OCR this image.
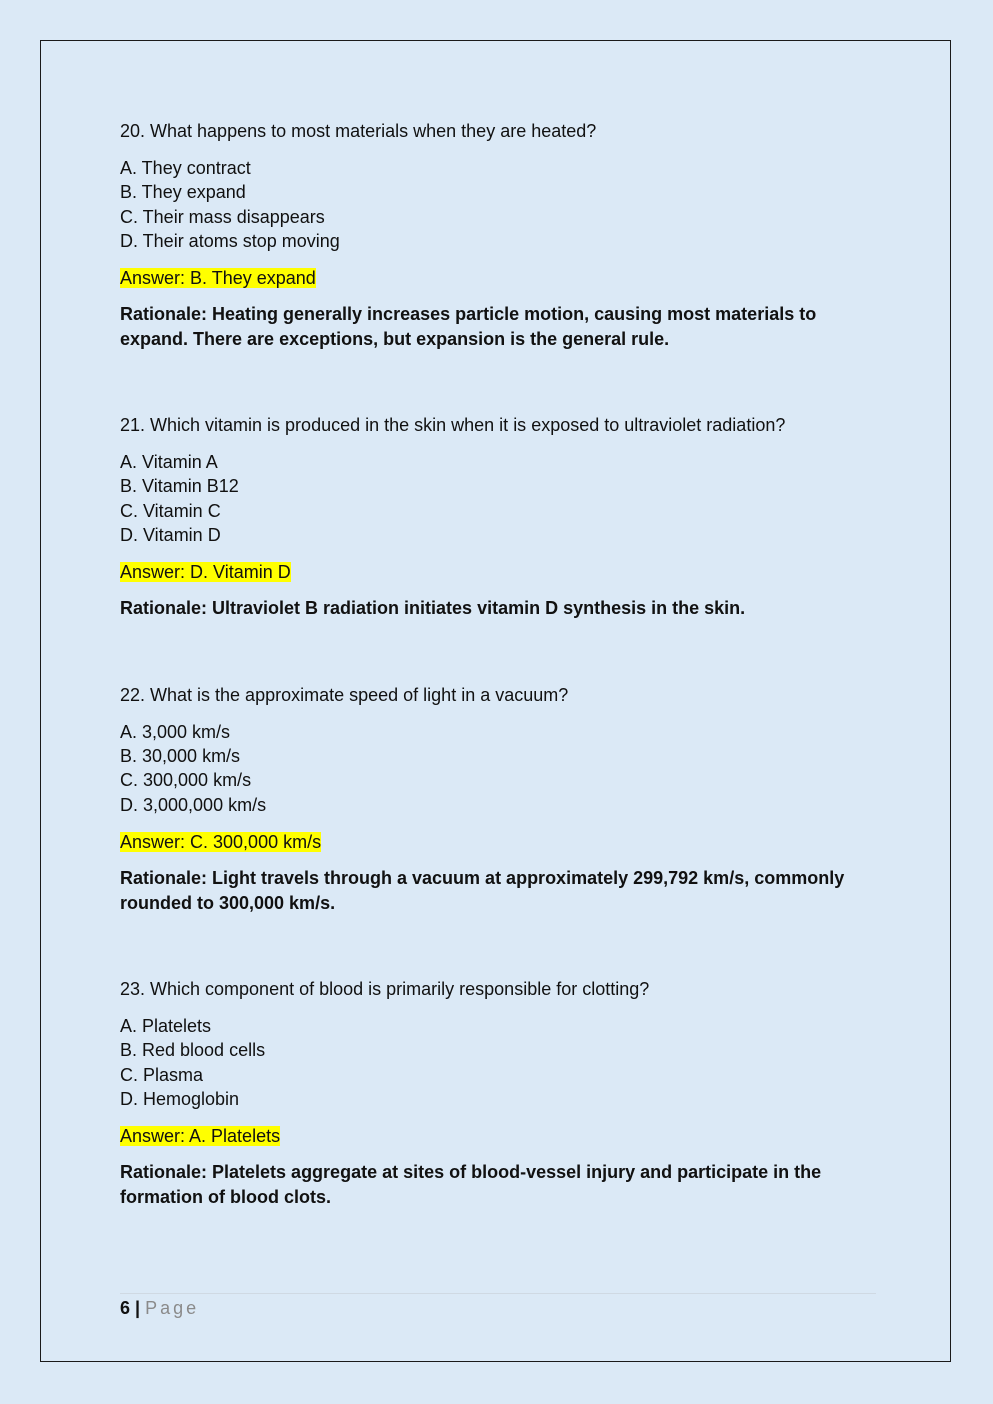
20. What happens to most materials when they are heated?
A. They contract
B. They expand
C. Their mass disappears
D. Their atoms stop moving
Answer: B. They expand
Rationale: Heating generally increases particle motion, causing most materials to expand. There are exceptions, but expansion is the general rule.
21. Which vitamin is produced in the skin when it is exposed to ultraviolet radiation?
A. Vitamin A
B. Vitamin B12
C. Vitamin C
D. Vitamin D
Answer: D. Vitamin D
Rationale: Ultraviolet B radiation initiates vitamin D synthesis in the skin.
22. What is the approximate speed of light in a vacuum?
A. 3,000 km/s
B. 30,000 km/s
C. 300,000 km/s
D. 3,000,000 km/s
Answer: C. 300,000 km/s
Rationale: Light travels through a vacuum at approximately 299,792 km/s, commonly rounded to 300,000 km/s.
23. Which component of blood is primarily responsible for clotting?
A. Platelets
B. Red blood cells
C. Plasma
D. Hemoglobin
Answer: A. Platelets
Rationale: Platelets aggregate at sites of blood-vessel injury and participate in the formation of blood clots.
6 | Page
